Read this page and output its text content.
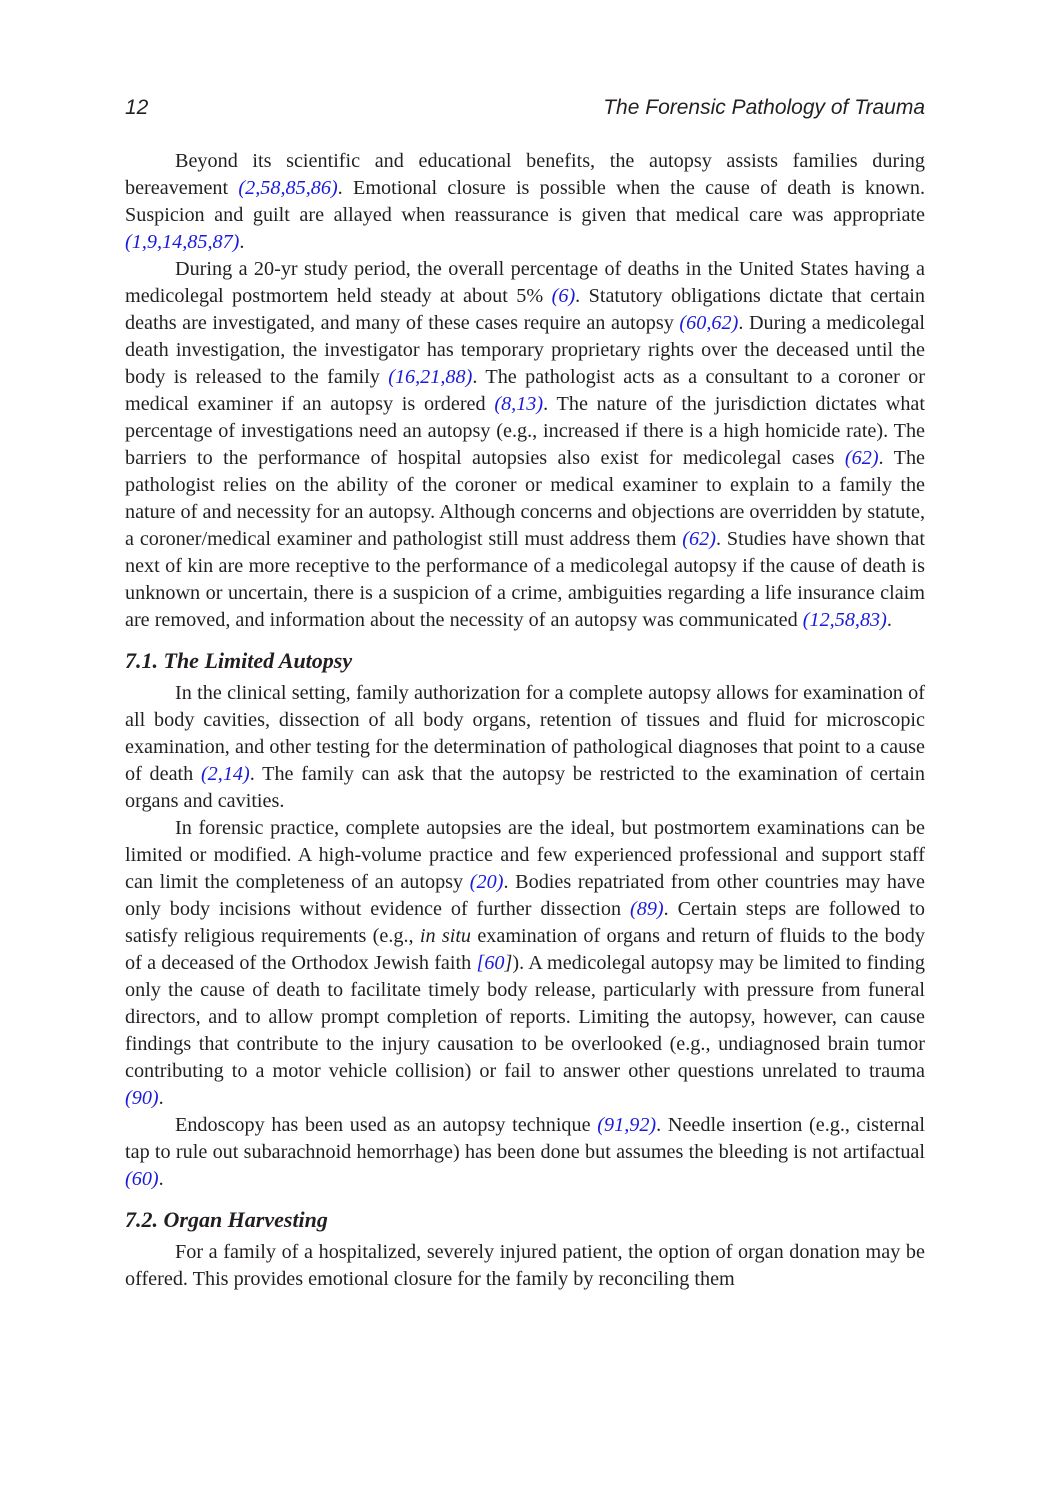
12	The Forensic Pathology of Trauma

Beyond its scientific and educational benefits, the autopsy assists families during bereavement (2,58,85,86). Emotional closure is possible when the cause of death is known. Suspicion and guilt are allayed when reassurance is given that medical care was appropriate (1,9,14,85,87).

During a 20-yr study period, the overall percentage of deaths in the United States having a medicolegal postmortem held steady at about 5% (6). Statutory obligations dictate that certain deaths are investigated, and many of these cases require an autopsy (60,62). During a medicolegal death investigation, the investigator has temporary proprietary rights over the deceased until the body is released to the family (16,21,88). The pathologist acts as a consultant to a coroner or medical examiner if an autopsy is ordered (8,13). The nature of the jurisdiction dictates what percentage of investigations need an autopsy (e.g., increased if there is a high homicide rate). The barriers to the performance of hospital autopsies also exist for medicolegal cases (62). The pathologist relies on the ability of the coroner or medical examiner to explain to a family the nature of and necessity for an autopsy. Although concerns and objections are overridden by statute, a coroner/medical examiner and pathologist still must address them (62). Studies have shown that next of kin are more receptive to the performance of a medicolegal autopsy if the cause of death is unknown or uncertain, there is a suspicion of a crime, ambiguities regarding a life insurance claim are removed, and information about the necessity of an autopsy was communicated (12,58,83).

7.1. The Limited Autopsy

In the clinical setting, family authorization for a complete autopsy allows for examination of all body cavities, dissection of all body organs, retention of tissues and fluid for microscopic examination, and other testing for the determination of pathological diagnoses that point to a cause of death (2,14). The family can ask that the autopsy be restricted to the examination of certain organs and cavities.

In forensic practice, complete autopsies are the ideal, but postmortem examinations can be limited or modified. A high-volume practice and few experienced professional and support staff can limit the completeness of an autopsy (20). Bodies repatriated from other countries may have only body incisions without evidence of further dissection (89). Certain steps are followed to satisfy religious requirements (e.g., in situ examination of organs and return of fluids to the body of a deceased of the Orthodox Jewish faith [60]). A medicolegal autopsy may be limited to finding only the cause of death to facilitate timely body release, particularly with pressure from funeral directors, and to allow prompt completion of reports. Limiting the autopsy, however, can cause findings that contribute to the injury causation to be overlooked (e.g., undiagnosed brain tumor contributing to a motor vehicle collision) or fail to answer other questions unrelated to trauma (90).

Endoscopy has been used as an autopsy technique (91,92). Needle insertion (e.g., cisternal tap to rule out subarachnoid hemorrhage) has been done but assumes the bleeding is not artifactual (60).

7.2. Organ Harvesting

For a family of a hospitalized, severely injured patient, the option of organ donation may be offered. This provides emotional closure for the family by reconciling them
